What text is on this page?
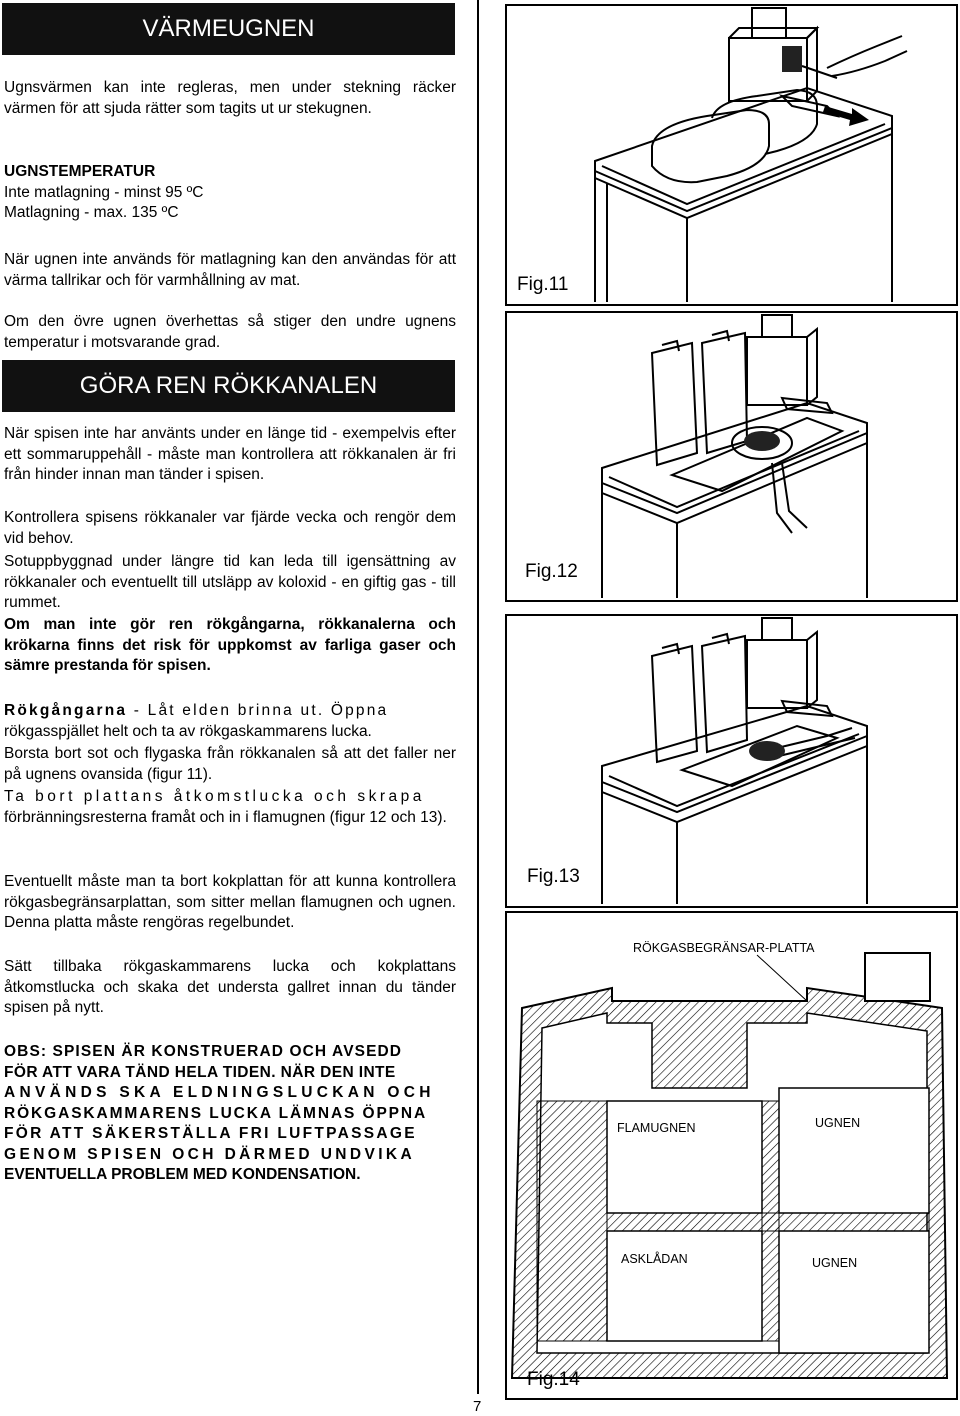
VÄRMEUGNEN

Ugnsvärmen kan inte regleras, men under stekning räcker värmen för att sjuda rätter som tagits ut ur stekugnen.

UGNSTEMPERATUR
Inte matlagning - minst 95 ºC
Matlagning - max. 135 ºC

När ugnen inte används för matlagning kan den användas för att värma tallrikar och för varmhållning av mat.

Om den övre ugnen överhettas så stiger den undre ugnens temperatur i motsvarande grad.

GÖRA REN RÖKKANALEN

När spisen inte har använts under en länge tid - exempelvis efter ett sommaruppehåll - måste man kontrollera att rökkanalen är fri från hinder innan man tänder i spisen.

Kontrollera spisens rökkanaler var fjärde vecka och rengör dem vid behov.

Sotuppbyggnad under längre tid kan leda till igensättning av rökkanaler och eventuellt till utsläpp av koloxid - en giftig gas - till rummet.

Om man inte gör ren rökgångarna, rökkanalerna och krökarna finns det risk för uppkomst av farliga gaser och sämre prestanda för spisen.

Rökgångarna - Låt elden brinna ut. Öppna
rökgasspjället helt och ta av rökgaskammarens lucka.

Borsta bort sot och flygaska från rökkanalen så att det faller ner på ugnens ovansida (figur 11).

Ta bort plattans åtkomstlucka och skrapa
förbränningsresterna framåt och in i flamugnen (figur 12 och 13).

Eventuellt måste man ta bort kokplattan för att kunna kontrollera rökgasbegränsarplattan, som sitter mellan flamugnen och ugnen. Denna platta måste rengöras regelbundet.

Sätt tillbaka rökgaskammarens lucka och kokplattans åtkomstlucka och skaka det understa gallret innan du tänder spisen på nytt.

OBS: SPISEN ÄR KONSTRUERAD OCH AVSEDD
FÖR ATT VARA TÄND HELA TIDEN. NÄR DEN INTE
ANVÄNDS SKA ELDNINGSLUCKAN OCH
RÖKGASKAMMARENS LUCKA LÄMNAS ÖPPNA
FÖR ATT SÄKERSTÄLLA FRI LUFTPASSAGE
GENOM SPISEN OCH DÄRMED UNDVIKA
EVENTUELLA PROBLEM MED KONDENSATION.
Fig.11
Fig.12
Fig.13
RÖKGASBEGRÄNSAR-PLATTA
FLAMUGNEN	UGNEN
ASKLÅDAN	UGNEN
Fig.14
7
